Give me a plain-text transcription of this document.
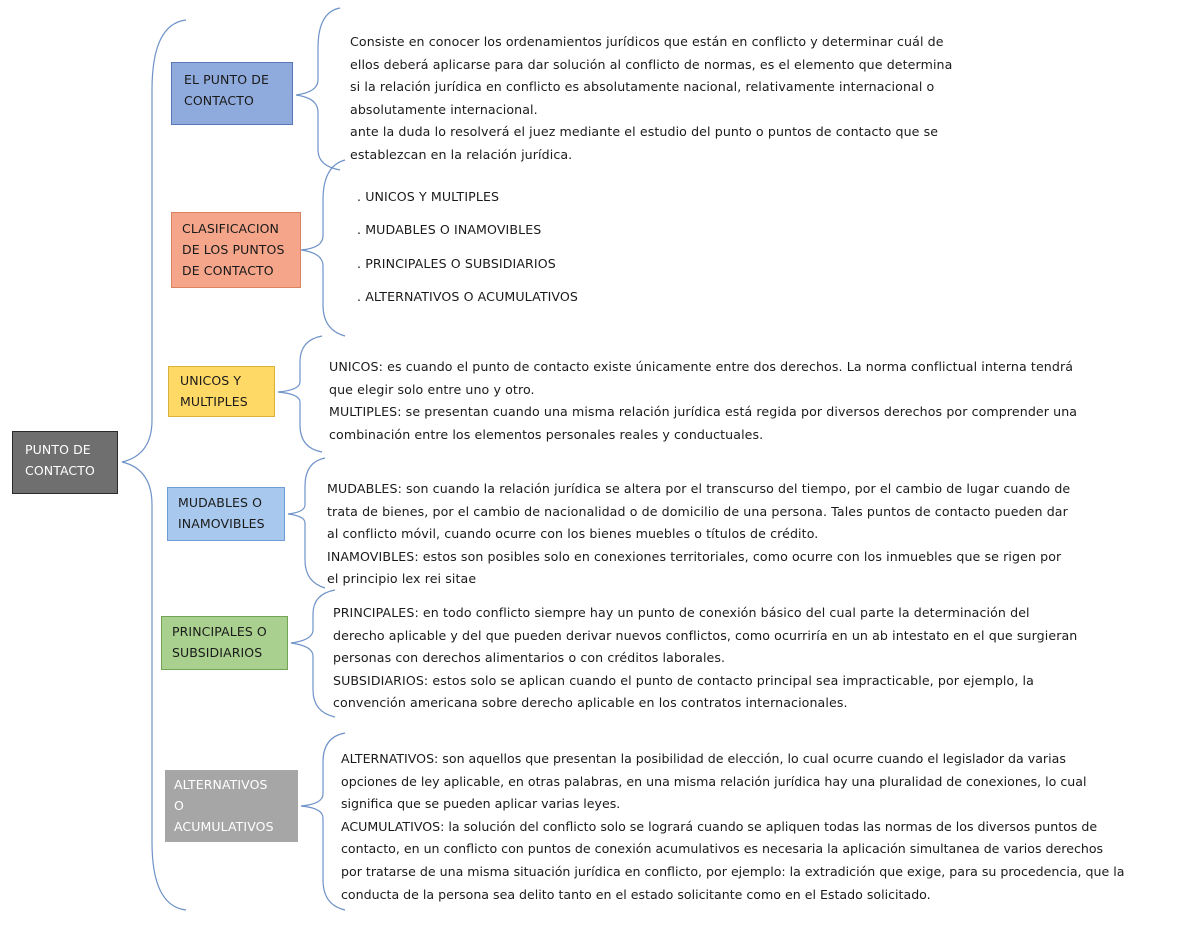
PUNTO DE
CONTACTO
EL PUNTO DE
CONTACTO
Consiste en conocer los ordenamientos jurídicos que están en conflicto y determinar cuál de
ellos deberá aplicarse para dar solución al conflicto de normas, es el elemento que determina
si la relación jurídica en conflicto es absolutamente nacional, relativamente internacional o
absolutamente internacional.
ante la duda lo resolverá el juez mediante el estudio del punto o puntos de contacto que se
establezcan en la relación jurídica.
CLASIFICACION
DE LOS PUNTOS
DE CONTACTO
. UNICOS Y MULTIPLES
. MUDABLES O INAMOVIBLES
. PRINCIPALES O SUBSIDIARIOS
. ALTERNATIVOS O ACUMULATIVOS
UNICOS Y
MULTIPLES
UNICOS: es cuando el punto de contacto existe únicamente entre dos derechos. La norma conflictual interna tendrá
que elegir solo entre uno y otro.
MULTIPLES: se presentan cuando una misma relación jurídica está regida por diversos derechos por comprender una
combinación entre los elementos personales reales y conductuales.
MUDABLES O
INAMOVIBLES
MUDABLES: son cuando la relación jurídica se altera por el transcurso del tiempo, por el cambio de lugar cuando de
trata de bienes, por el cambio de nacionalidad o de domicilio de una persona. Tales puntos de contacto pueden dar
al conflicto móvil, cuando ocurre con los bienes muebles o títulos de crédito.
INAMOVIBLES: estos son posibles solo en conexiones territoriales, como ocurre con los inmuebles que se rigen por
el principio lex rei sitae
PRINCIPALES O
SUBSIDIARIOS
PRINCIPALES: en todo conflicto siempre hay un punto de conexión básico del cual parte la determinación del
derecho aplicable y del que pueden derivar nuevos conflictos, como ocurriría en un ab intestato en el que surgieran
personas con derechos alimentarios o con créditos laborales.
SUBSIDIARIOS: estos solo se aplican cuando el punto de contacto principal sea impracticable, por ejemplo, la
convención americana sobre derecho aplicable en los contratos internacionales.
ALTERNATIVOS
O
ACUMULATIVOS
ALTERNATIVOS: son aquellos que presentan la posibilidad de elección, lo cual ocurre cuando el legislador da varias
opciones de ley aplicable, en otras palabras, en una misma relación jurídica hay una pluralidad de conexiones, lo cual
significa que se pueden aplicar varias leyes.
ACUMULATIVOS: la solución del conflicto solo se logrará cuando se apliquen todas las normas de los diversos puntos de
contacto, en un conflicto con puntos de conexión acumulativos es necesaria la aplicación simultanea de varios derechos
por tratarse de una misma situación jurídica en conflicto, por ejemplo: la extradición que exige, para su procedencia, que la
conducta de la persona sea delito tanto en el estado solicitante como en el Estado solicitado.
